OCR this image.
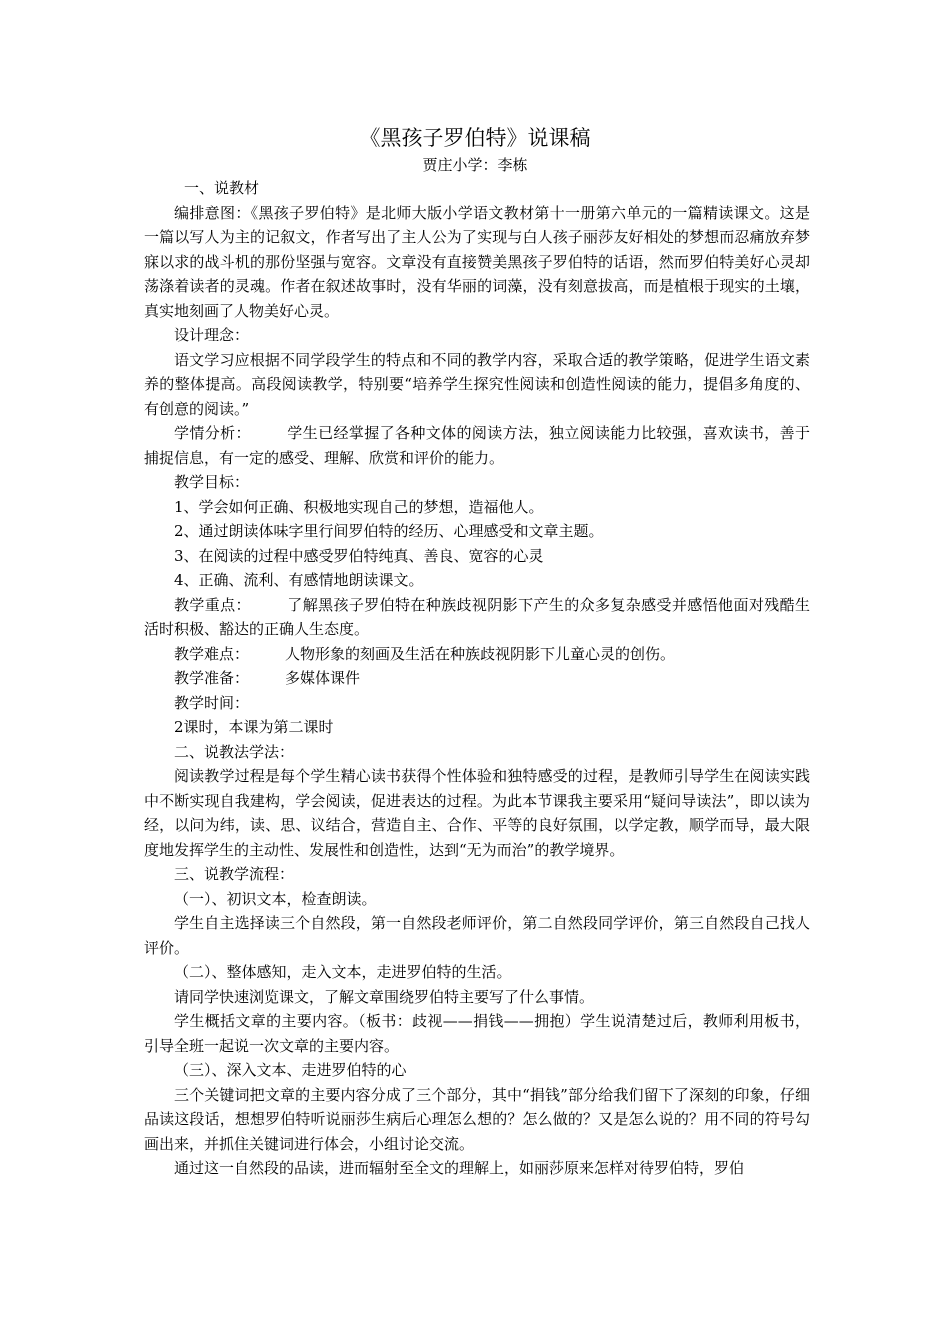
《黑孩子罗伯特》说课稿
贾庄小学：李栋

一、说教材

编排意图：《黑孩子罗伯特》是北师大版小学语文教材第十一册第六单元的一篇精读课文。这是一篇以写人为主的记叙文，作者写出了主人公为了实现与白人孩子丽莎友好相处的梦想而忍痛放弃梦寐以求的战斗机的那份坚强与宽容。文章没有直接赞美黑孩子罗伯特的话语，然而罗伯特美好心灵却荡涤着读者的灵魂。作者在叙述故事时，没有华丽的词藻，没有刻意拔高，而是植根于现实的土壤，真实地刻画了人物美好心灵。

设计理念：

语文学习应根据不同学段学生的特点和不同的教学内容，采取合适的教学策略，促进学生语文素养的整体提高。高段阅读教学，特别要“培养学生探究性阅读和创造性阅读的能力，提倡多角度的、有创意的阅读。”

学情分析： 学生已经掌握了各种文体的阅读方法，独立阅读能力比较强，喜欢读书，善于捕捉信息，有一定的感受、理解、欣赏和评价的能力。

教学目标：

1、学会如何正确、积极地实现自己的梦想，造福他人。

2、通过朗读体味字里行间罗伯特的经历、心理感受和文章主题。

3、在阅读的过程中感受罗伯特纯真、善良、宽容的心灵

4、正确、流利、有感情地朗读课文。

教学重点： 了解黑孩子罗伯特在种族歧视阴影下产生的众多复杂感受并感悟他面对残酷生活时积极、豁达的正确人生态度。

教学难点： 人物形象的刻画及生活在种族歧视阴影下儿童心灵的创伤。

教学准备： 多媒体课件

教学时间：

2课时，本课为第二课时

二、说教法学法：

阅读教学过程是每个学生精心读书获得个性体验和独特感受的过程，是教师引导学生在阅读实践中不断实现自我建构，学会阅读，促进表达的过程。为此本节课我主要采用“疑问导读法”，即以读为经，以问为纬，读、思、议结合，营造自主、合作、平等的良好氛围，以学定教，顺学而导，最大限度地发挥学生的主动性、发展性和创造性，达到“无为而治”的教学境界。

三、说教学流程：

（一）、初识文本，检查朗读。

学生自主选择读三个自然段，第一自然段老师评价，第二自然段同学评价，第三自然段自己找人评价。

（二）、整体感知，走入文本，走进罗伯特的生活。

请同学快速浏览课文，了解文章围绕罗伯特主要写了什么事情。

学生概括文章的主要内容。（板书：歧视——捐钱——拥抱）学生说清楚过后，教师利用板书，引导全班一起说一次文章的主要内容。

（三）、深入文本、走进罗伯特的心

三个关键词把文章的主要内容分成了三个部分，其中“捐钱”部分给我们留下了深刻的印象，仔细品读这段话，想想罗伯特听说丽莎生病后心理怎么想的？怎么做的？又是怎么说的？用不同的符号勾画出来，并抓住关键词进行体会，小组讨论交流。

通过这一自然段的品读，进而辐射至全文的理解上，如丽莎原来怎样对待罗伯特，罗伯
